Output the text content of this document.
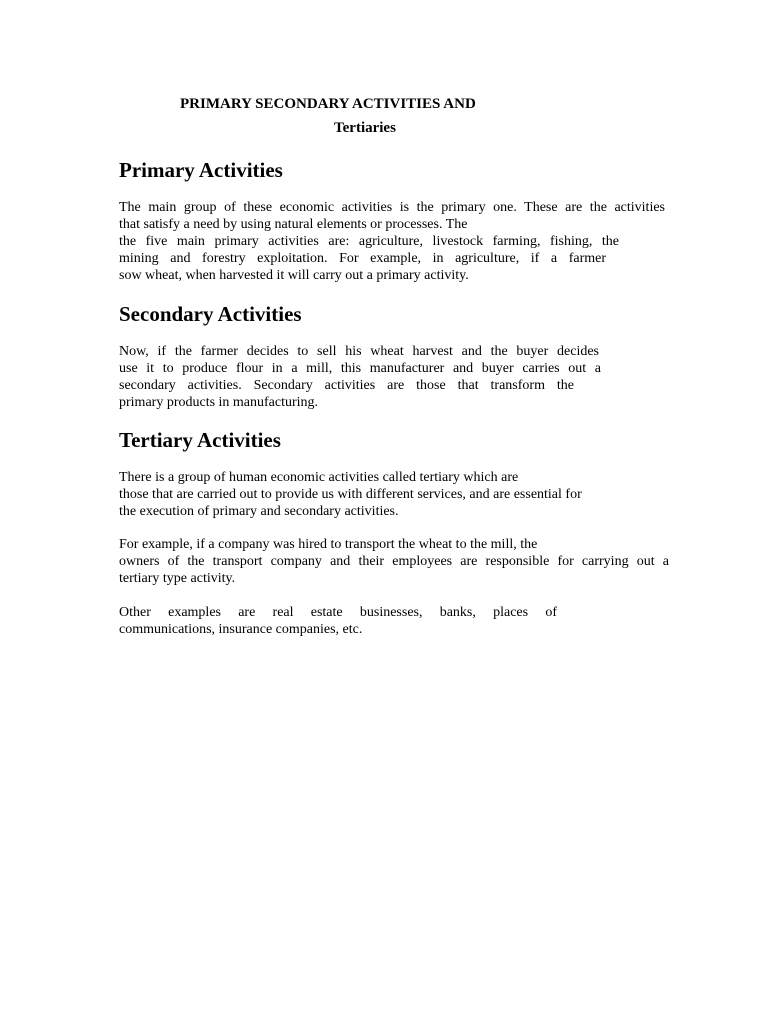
PRIMARY SECONDARY ACTIVITIES AND
Tertiaries
Primary Activities
The main group of these economic activities is the primary one. These are the activities
that satisfy a need by using natural elements or processes. The
the five main primary activities are: agriculture, livestock farming, fishing, the
mining and forestry exploitation. For example, in agriculture, if a farmer
sow wheat, when harvested it will carry out a primary activity.
Secondary Activities
Now, if the farmer decides to sell his wheat harvest and the buyer decides
use it to produce flour in a mill, this manufacturer and buyer carries out a
secondary activities. Secondary activities are those that transform the
primary products in manufacturing.
Tertiary Activities
There is a group of human economic activities called tertiary which are
those that are carried out to provide us with different services, and are essential for
the execution of primary and secondary activities.
For example, if a company was hired to transport the wheat to the mill, the
owners of the transport company and their employees are responsible for carrying out a
tertiary type activity.
Other examples are real estate businesses, banks, places of
communications, insurance companies, etc.
